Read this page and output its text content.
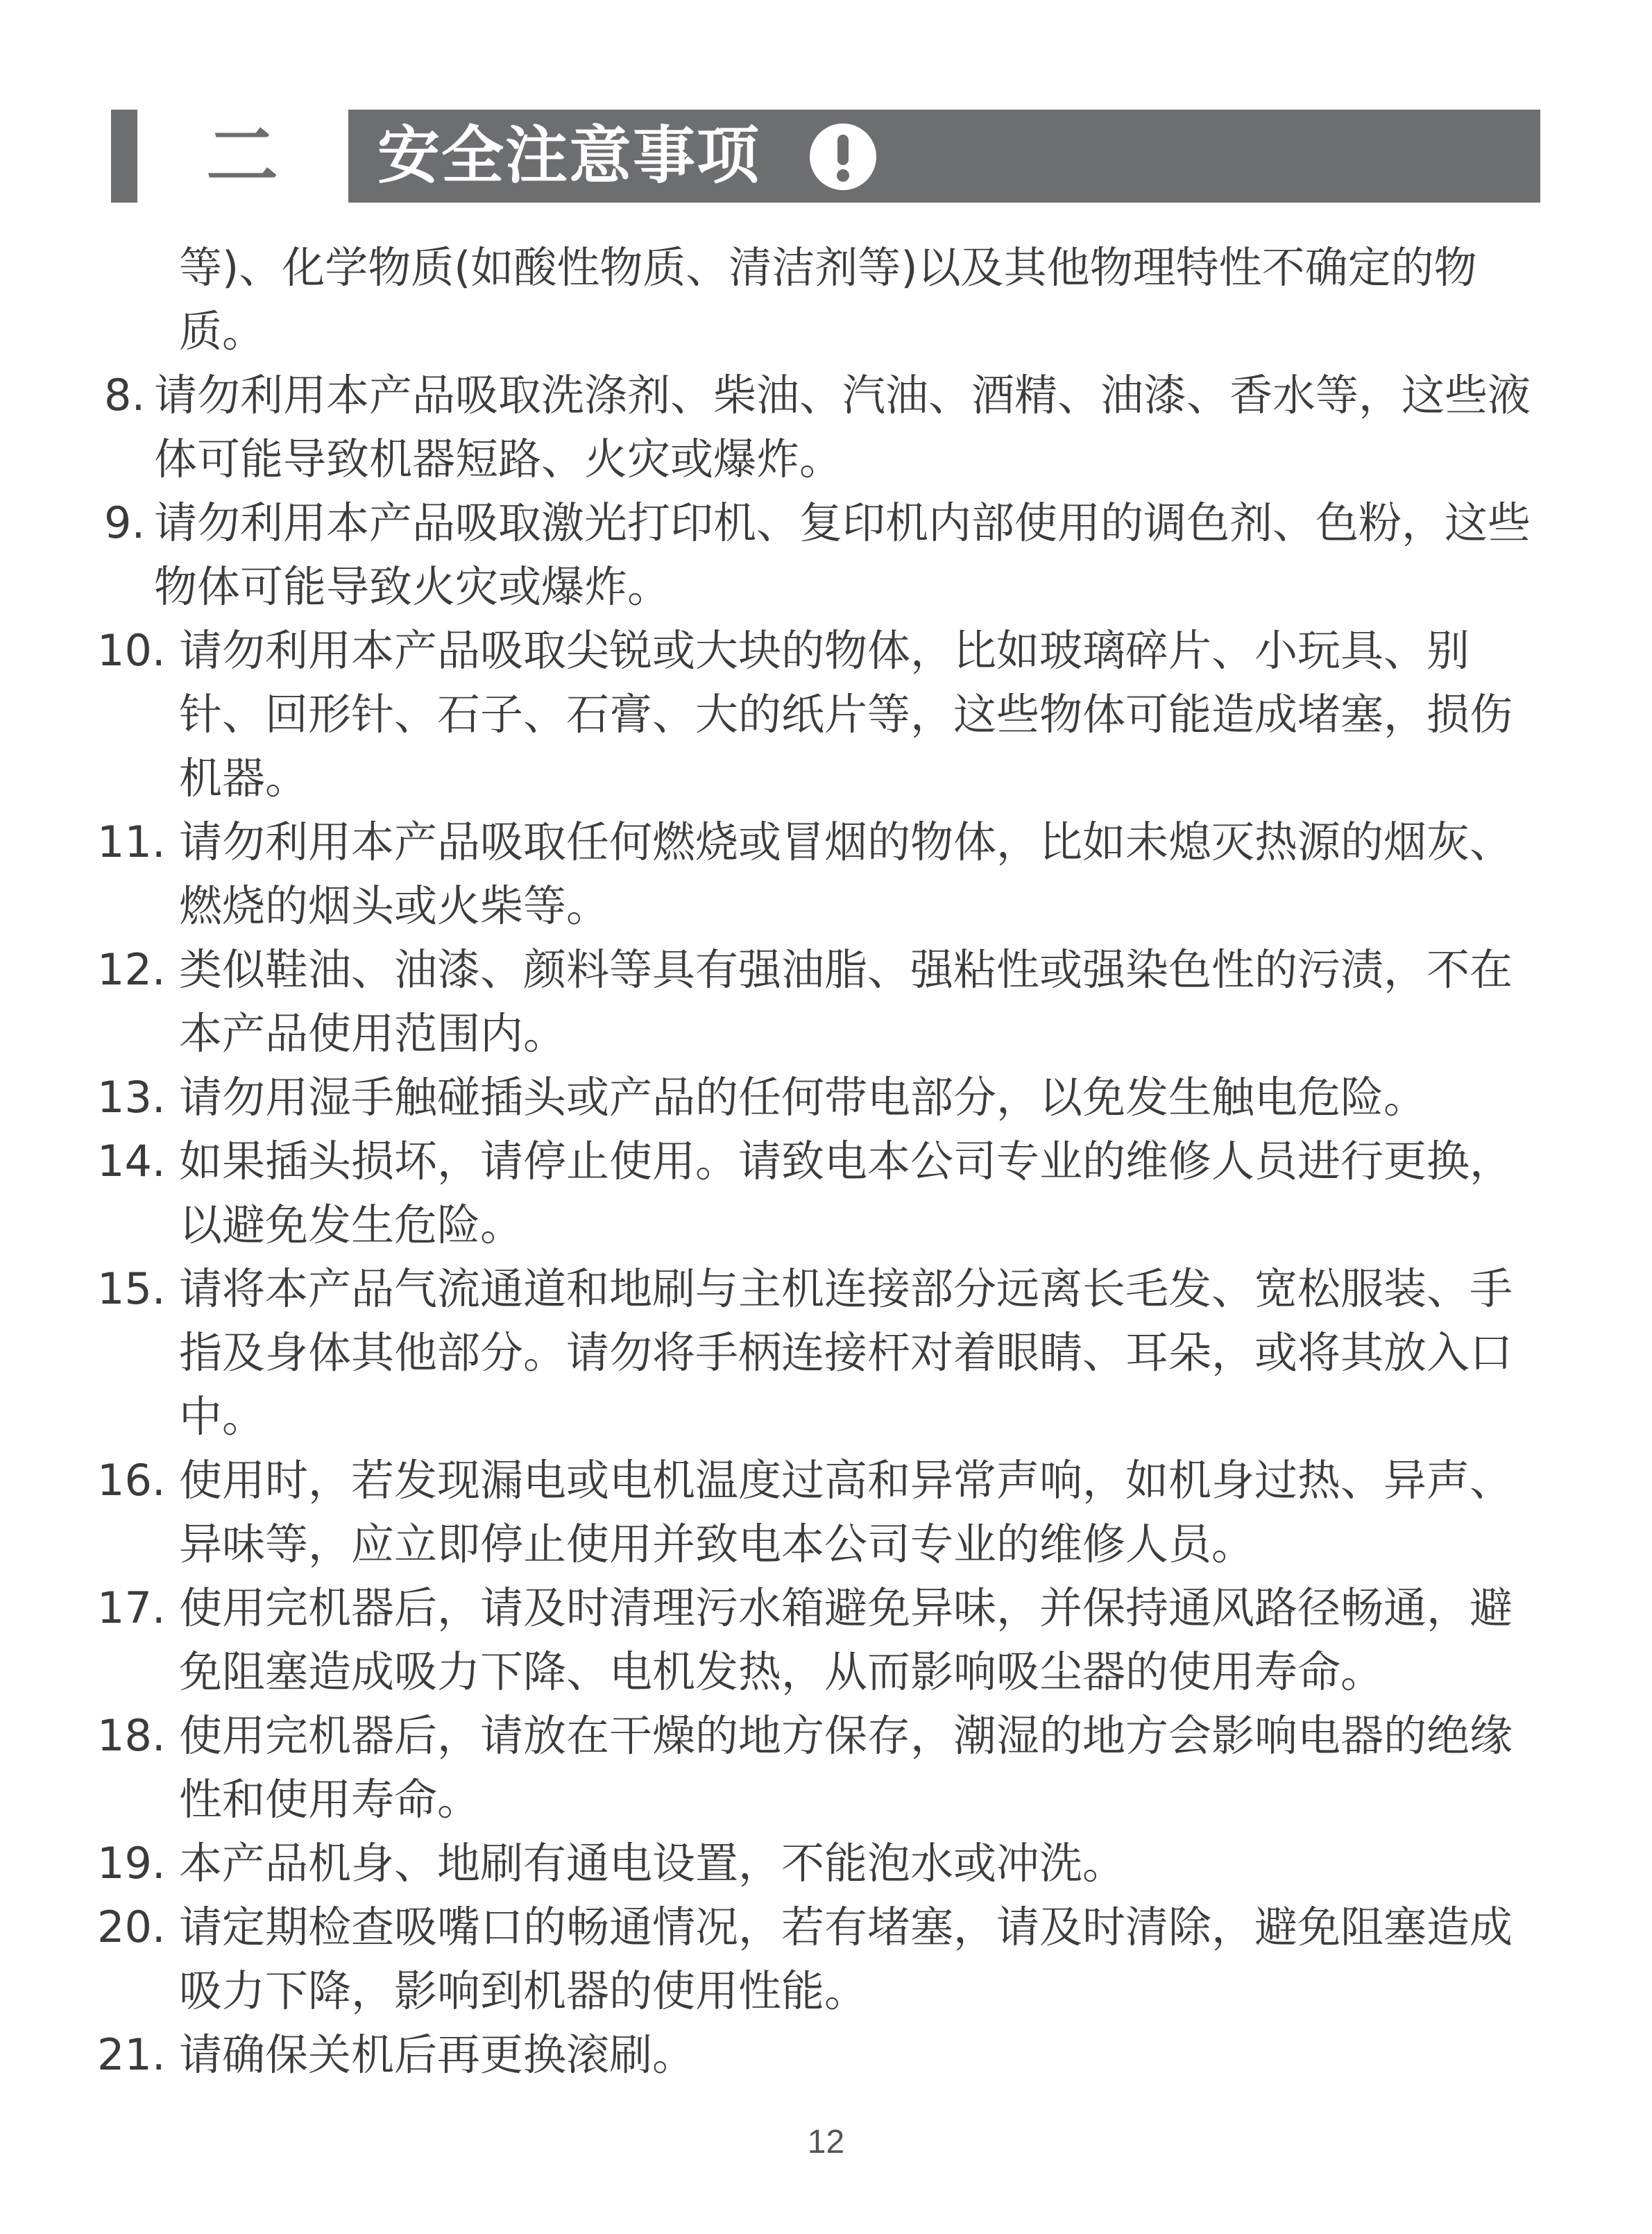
二	安全注意事项
等)、化学物质(如酸性物质、清洁剂等)以及其他物理特性不确定的物质。
8. 请勿利用本产品吸取洗涤剂、柴油、汽油、酒精、油漆、香水等，这些液体可能导致机器短路、火灾或爆炸。
9. 请勿利用本产品吸取激光打印机、复印机内部使用的调色剂、色粉，这些物体可能导致火灾或爆炸。
10. 请勿利用本产品吸取尖锐或大块的物体，比如玻璃碎片、小玩具、别针、回形针、石子、石膏、大的纸片等，这些物体可能造成堵塞，损伤机器。
11. 请勿利用本产品吸取任何燃烧或冒烟的物体，比如未熄灭热源的烟灰、燃烧的烟头或火柴等。
12. 类似鞋油、油漆、颜料等具有强油脂、强粘性或强染色性的污渍，不在本产品使用范围内。
13. 请勿用湿手触碰插头或产品的任何带电部分，以免发生触电危险。
14. 如果插头损坏，请停止使用。请致电本公司专业的维修人员进行更换，以避免发生危险。
15. 请将本产品气流通道和地刷与主机连接部分远离长毛发、宽松服装、手指及身体其他部分。请勿将手柄连接杆对着眼睛、耳朵，或将其放入口中。
16. 使用时，若发现漏电或电机温度过高和异常声响，如机身过热、异声、异味等，应立即停止使用并致电本公司专业的维修人员。
17. 使用完机器后，请及时清理污水箱避免异味，并保持通风路径畅通，避免阻塞造成吸力下降、电机发热，从而影响吸尘器的使用寿命。
18. 使用完机器后，请放在干燥的地方保存，潮湿的地方会影响电器的绝缘性和使用寿命。
19. 本产品机身、地刷有通电设置，不能泡水或冲洗。
20. 请定期检查吸嘴口的畅通情况，若有堵塞，请及时清除，避免阻塞造成吸力下降，影响到机器的使用性能。
21. 请确保关机后再更换滚刷。
12
